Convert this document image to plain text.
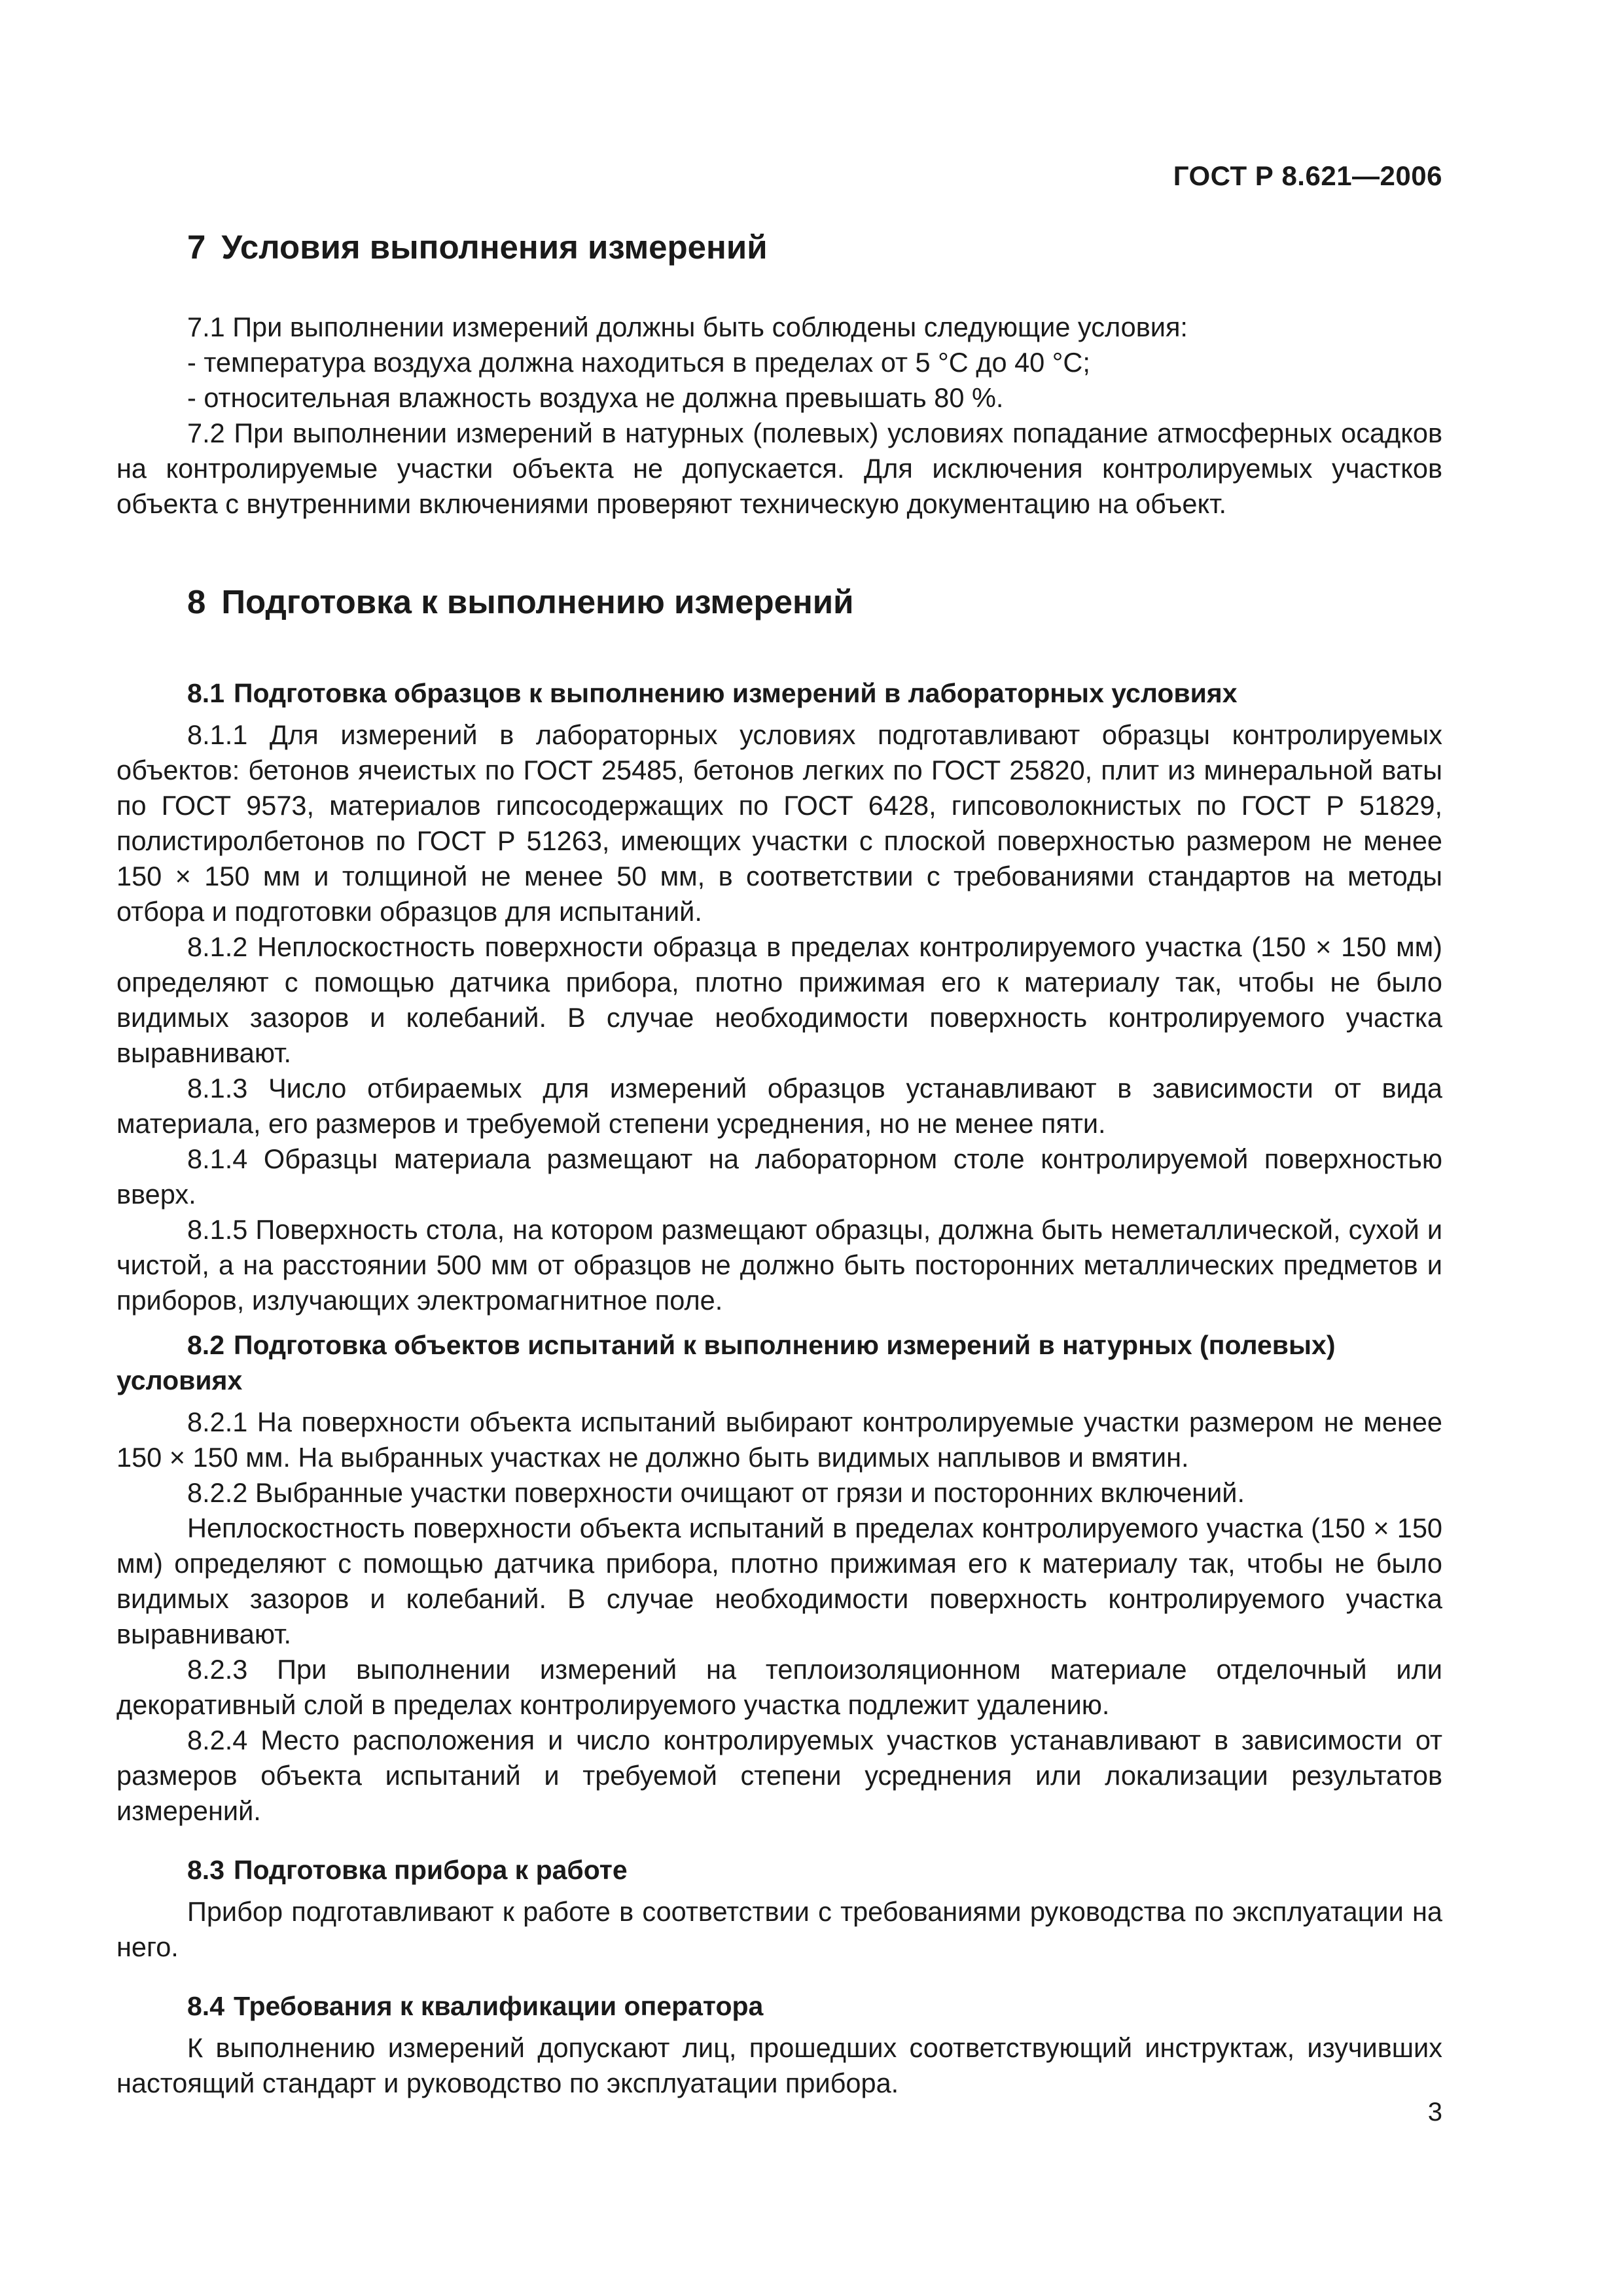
ГОСТ Р 8.621—2006
7 Условия выполнения измерений

7.1 При выполнении измерений должны быть соблюдены следующие условия:

- температура воздуха должна находиться в пределах от 5 °С до 40 °С;

- относительная влажность воздуха не должна превышать 80 %.

7.2 При выполнении измерений в натурных (полевых) условиях попадание атмосферных осадков на контролируемые участки объекта не допускается. Для исключения контролируемых участков объекта с внутренними включениями проверяют техническую документацию на объект.

8 Подготовка к выполнению измерений
8.1 Подготовка образцов к выполнению измерений в лабораторных условиях

8.1.1 Для измерений в лабораторных условиях подготавливают образцы контролируемых объектов: бетонов ячеистых по ГОСТ 25485, бетонов легких по ГОСТ 25820, плит из минеральной ваты по ГОСТ 9573, материалов гипсосодержащих по ГОСТ 6428, гипсоволокнистых по ГОСТ Р 51829, полистиролбетонов по ГОСТ Р 51263, имеющих участки с плоской поверхностью размером не менее 150 × 150 мм и толщиной не менее 50 мм, в соответствии с требованиями стандартов на методы отбора и подготовки образцов для испытаний.

8.1.2 Неплоскостность поверхности образца в пределах контролируемого участка (150 × 150 мм) определяют с помощью датчика прибора, плотно прижимая его к материалу так, чтобы не было видимых зазоров и колебаний. В случае необходимости поверхность контролируемого участка выравнивают.

8.1.3 Число отбираемых для измерений образцов устанавливают в зависимости от вида материала, его размеров и требуемой степени усреднения, но не менее пяти.

8.1.4 Образцы материала размещают на лабораторном столе контролируемой поверхностью вверх.

8.1.5 Поверхность стола, на котором размещают образцы, должна быть неметаллической, сухой и чистой, а на расстоянии 500 мм от образцов не должно быть посторонних металлических предметов и приборов, излучающих электромагнитное поле.

8.2 Подготовка объектов испытаний к выполнению измерений в натурных (полевых) условиях

8.2.1 На поверхности объекта испытаний выбирают контролируемые участки размером не менее 150 × 150 мм. На выбранных участках не должно быть видимых наплывов и вмятин.

8.2.2 Выбранные участки поверхности очищают от грязи и посторонних включений.

Неплоскостность поверхности объекта испытаний в пределах контролируемого участка (150 × 150 мм) определяют с помощью датчика прибора, плотно прижимая его к материалу так, чтобы не было видимых зазоров и колебаний. В случае необходимости поверхность контролируемого участка выравнивают.

8.2.3 При выполнении измерений на теплоизоляционном материале отделочный или декоративный слой в пределах контролируемого участка подлежит удалению.

8.2.4 Место расположения и число контролируемых участков устанавливают в зависимости от размеров объекта испытаний и требуемой степени усреднения или локализации результатов измерений.

8.3 Подготовка прибора к работе

Прибор подготавливают к работе в соответствии с требованиями руководства по эксплуатации на него.

8.4 Требования к квалификации оператора

К выполнению измерений допускают лиц, прошедших соответствующий инструктаж, изучивших настоящий стандарт и руководство по эксплуатации прибора.

3
